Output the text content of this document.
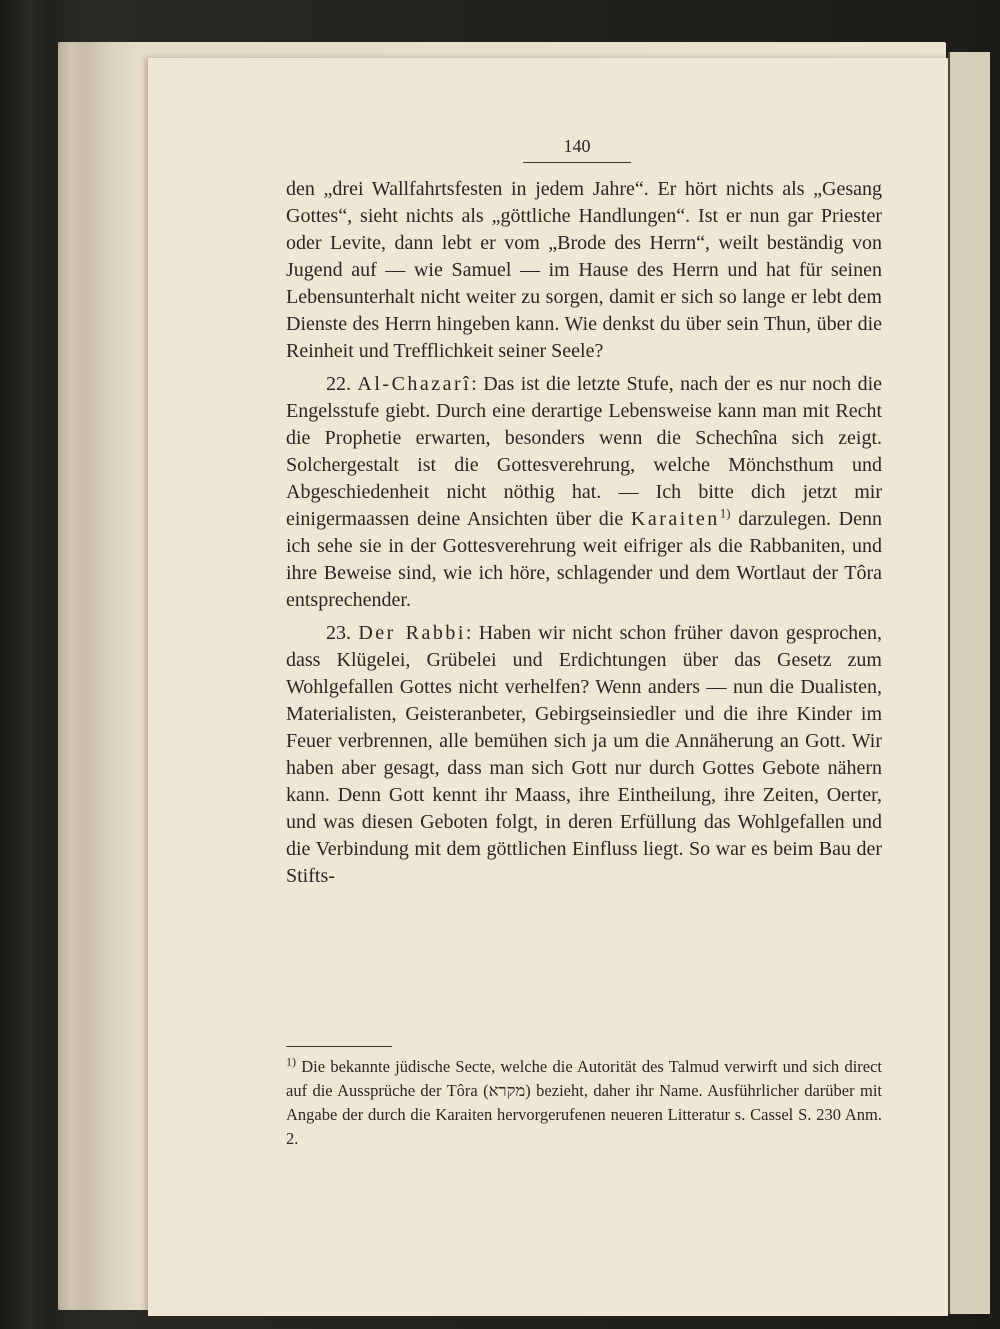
140

den „drei Wallfahrtsfesten in jedem Jahre“. Er hört nichts als „Gesang Gottes“, sieht nichts als „göttliche Handlungen“. Ist er nun gar Priester oder Levite, dann lebt er vom „Brode des Herrn“, weilt beständig von Jugend auf — wie Samuel — im Hause des Herrn und hat für seinen Lebensunterhalt nicht weiter zu sorgen, damit er sich so lange er lebt dem Dienste des Herrn hingeben kann. Wie denkst du über sein Thun, über die Reinheit und Trefflichkeit seiner Seele?

22. Al-Chazarî: Das ist die letzte Stufe, nach der es nur noch die Engelsstufe giebt. Durch eine derartige Lebensweise kann man mit Recht die Prophetie erwarten, besonders wenn die Schechîna sich zeigt. Solchergestalt ist die Gottesverehrung, welche Mönchsthum und Abgeschiedenheit nicht nöthig hat. — Ich bitte dich jetzt mir einigermaassen deine Ansichten über die Karaiten$^{1)}$ darzulegen. Denn ich sehe sie in der Gottesverehrung weit eifriger als die Rabbaniten, und ihre Beweise sind, wie ich höre, schlagender und dem Wortlaut der Tôra entsprechender.

23. Der Rabbi: Haben wir nicht schon früher davon gesprochen, dass Klügelei, Grübelei und Erdichtungen über das Gesetz zum Wohlgefallen Gottes nicht verhelfen? Wenn anders — nun die Dualisten, Materialisten, Geisteranbeter, Gebirgseinsiedler und die ihre Kinder im Feuer verbrennen, alle bemühen sich ja um die Annäherung an Gott. Wir haben aber gesagt, dass man sich Gott nur durch Gottes Gebote nähern kann. Denn Gott kennt ihr Maass, ihre Eintheilung, ihre Zeiten, Oerter, und was diesen Geboten folgt, in deren Erfüllung das Wohlgefallen und die Verbindung mit dem göttlichen Einfluss liegt. So war es beim Bau der Stifts-

$^{1)}$ Die bekannte jüdische Secte, welche die Autorität des Talmud verwirft und sich direct auf die Aussprüche der Tôra (מקרא) bezieht, daher ihr Name. Ausführlicher darüber mit Angabe der durch die Karaiten hervorgerufenen neueren Litteratur s. Cassel S. 230 Anm. 2.
